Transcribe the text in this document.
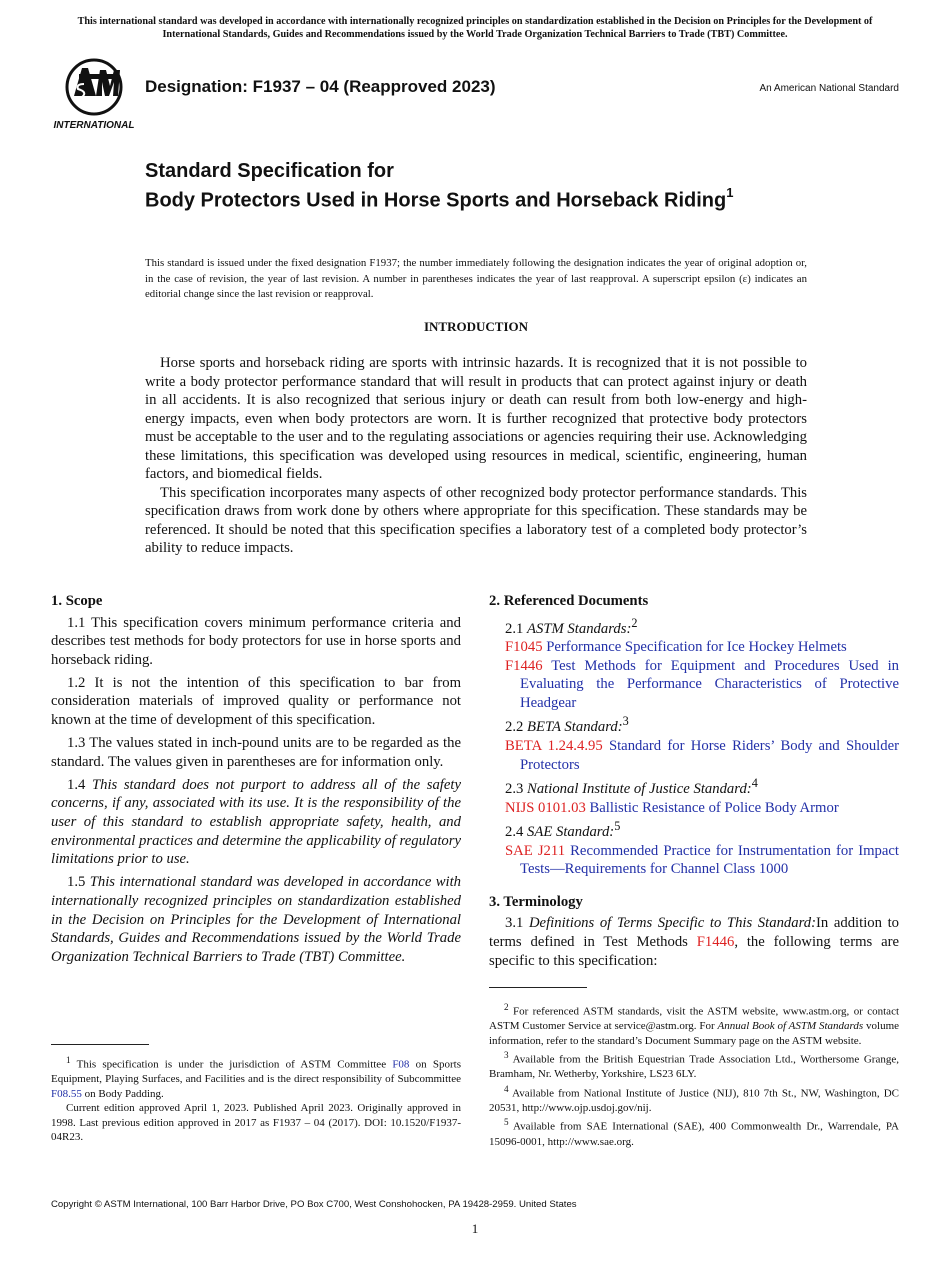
This international standard was developed in accordance with internationally recognized principles on standardization established in the Decision on Principles for the Development of International Standards, Guides and Recommendations issued by the World Trade Organization Technical Barriers to Trade (TBT) Committee.
INTERNATIONAL
Designation: F1937 – 04 (Reapproved 2023)	An American National Standard
Standard Specification for
Body Protectors Used in Horse Sports and Horseback Riding$^1$
This standard is issued under the fixed designation F1937; the number immediately following the designation indicates the year of original adoption or, in the case of revision, the year of last revision. A number in parentheses indicates the year of last reapproval. A superscript epsilon (ε) indicates an editorial change since the last revision or reapproval.
INTRODUCTION

Horse sports and horseback riding are sports with intrinsic hazards. It is recognized that it is not possible to write a body protector performance standard that will result in products that can protect against injury or death in all accidents. It is also recognized that serious injury or death can result from both low-energy and high-energy impacts, even when body protectors are worn. It is further recognized that protective body protectors must be acceptable to the user and to the regulating associations or agencies requiring their use. Acknowledging these limitations, this specification was developed using resources in medical, scientific, engineering, human factors, and biomedical fields.

This specification incorporates many aspects of other recognized body protector performance standards. This specification draws from work done by others where appropriate for this specification. These standards may be referenced. It should be noted that this specification specifies a laboratory test of a completed body protector’s ability to reduce impacts.

1. Scope

1.1 This specification covers minimum performance criteria and describes test methods for body protectors for use in horse sports and horseback riding.

1.2 It is not the intention of this specification to bar from consideration materials of improved quality or performance not known at the time of development of this specification.

1.3 The values stated in inch-pound units are to be regarded as the standard. The values given in parentheses are for information only.

1.4 This standard does not purport to address all of the safety concerns, if any, associated with its use. It is the responsibility of the user of this standard to establish appropriate safety, health, and environmental practices and determine the applicability of regulatory limitations prior to use.

1.5 This international standard was developed in accordance with internationally recognized principles on standardization established in the Decision on Principles for the Development of International Standards, Guides and Recommendations issued by the World Trade Organization Technical Barriers to Trade (TBT) Committee.

2. Referenced Documents
2.1 ASTM Standards:$^2$
F1045 Performance Specification for Ice Hockey Helmets
F1446 Test Methods for Equipment and Procedures Used in Evaluating the Performance Characteristics of Protective Headgear
2.2 BETA Standard:$^3$
BETA 1.24.4.95 Standard for Horse Riders’ Body and Shoulder Protectors
2.3 National Institute of Justice Standard:$^4$
NIJS 0101.03 Ballistic Resistance of Police Body Armor
2.4 SAE Standard:$^5$
SAE J211 Recommended Practice for Instrumentation for Impact Tests—Requirements for Channel Class 1000
3. Terminology

3.1 Definitions of Terms Specific to This Standard:In addition to terms defined in Test Methods F1446, the following terms are specific to this specification:

$^1$ This specification is under the jurisdiction of ASTM Committee F08 on Sports Equipment, Playing Surfaces, and Facilities and is the direct responsibility of Subcommittee F08.55 on Body Padding.

Current edition approved April 1, 2023. Published April 2023. Originally approved in 1998. Last previous edition approved in 2017 as F1937 – 04 (2017). DOI: 10.1520/F1937-04R23.

$^2$ For referenced ASTM standards, visit the ASTM website, www.astm.org, or contact ASTM Customer Service at service@astm.org. For Annual Book of ASTM Standards volume information, refer to the standard’s Document Summary page on the ASTM website.

$^3$ Available from the British Equestrian Trade Association Ltd., Worthersome Grange, Bramham, Nr. Wetherby, Yorkshire, LS23 6LY.

$^4$ Available from National Institute of Justice (NIJ), 810 7th St., NW, Washington, DC 20531, http://www.ojp.usdoj.gov/nij.

$^5$ Available from SAE International (SAE), 400 Commonwealth Dr., Warrendale, PA 15096-0001, http://www.sae.org.

Copyright © ASTM International, 100 Barr Harbor Drive, PO Box C700, West Conshohocken, PA 19428-2959. United States
1
